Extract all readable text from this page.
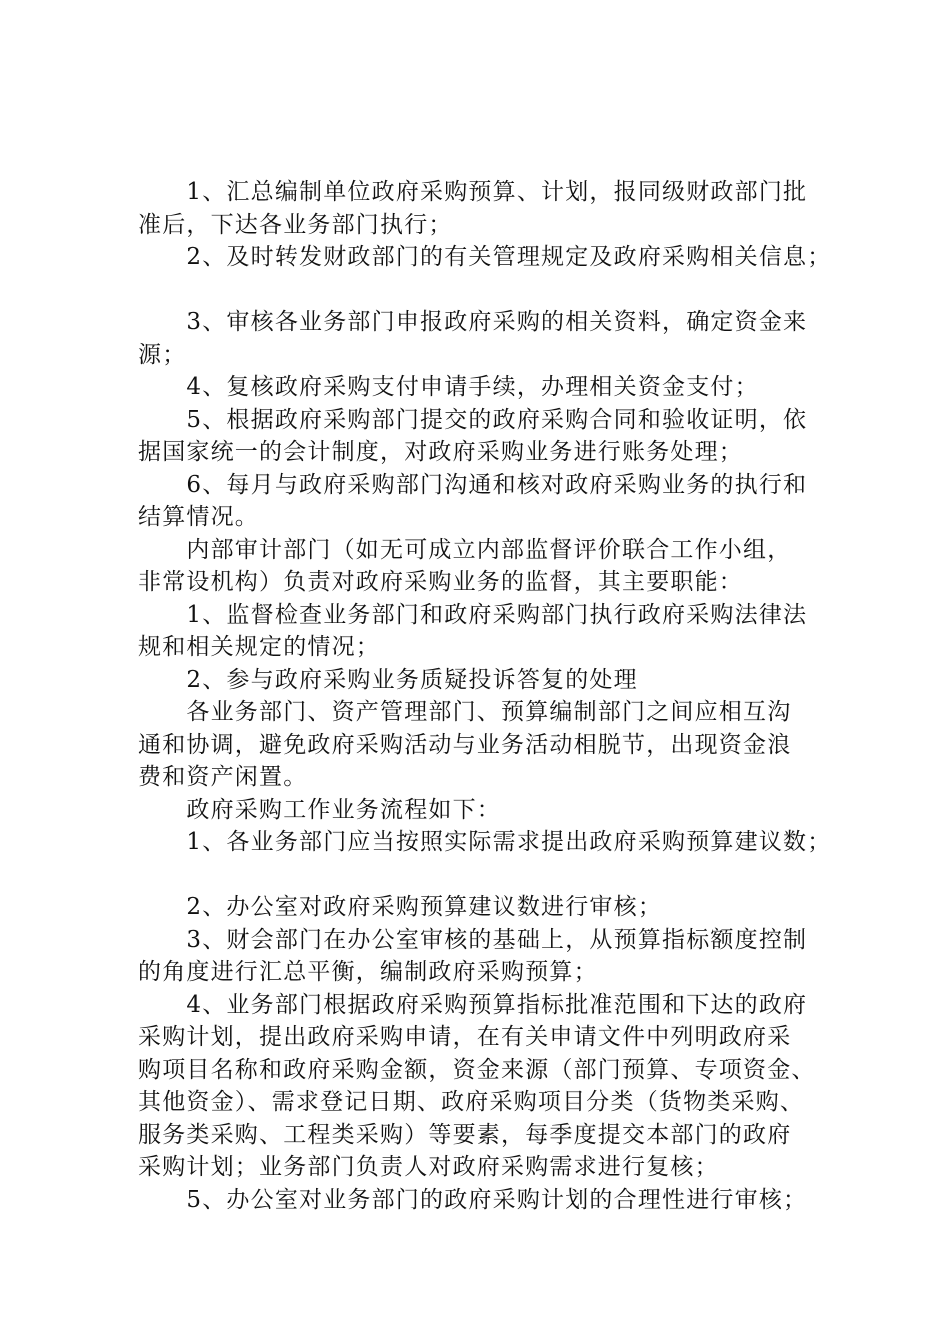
　　1、汇总编制单位政府采购预算、计划，报同级财政部门批

准后，下达各业务部门执行；

　　2、及时转发财政部门的有关管理规定及政府采购相关信息；

　　3、审核各业务部门申报政府采购的相关资料，确定资金来

源；

　　4、复核政府采购支付申请手续，办理相关资金支付；

　　5、根据政府采购部门提交的政府采购合同和验收证明，依

据国家统一的会计制度，对政府采购业务进行账务处理；

　　6、每月与政府采购部门沟通和核对政府采购业务的执行和

结算情况。

　　内部审计部门（如无可成立内部监督评价联合工作小组，

非常设机构）负责对政府采购业务的监督，其主要职能：

　　1、监督检查业务部门和政府采购部门执行政府采购法律法

规和相关规定的情况；

　　2、参与政府采购业务质疑投诉答复的处理

　　各业务部门、资产管理部门、预算编制部门之间应相互沟

通和协调，避免政府采购活动与业务活动相脱节，出现资金浪

费和资产闲置。

　　政府采购工作业务流程如下：

　　1、各业务部门应当按照实际需求提出政府采购预算建议数；

　　2、办公室对政府采购预算建议数进行审核；

　　3、财会部门在办公室审核的基础上，从预算指标额度控制

的角度进行汇总平衡，编制政府采购预算；

　　4、业务部门根据政府采购预算指标批准范围和下达的政府

采购计划，提出政府采购申请，在有关申请文件中列明政府采

购项目名称和政府采购金额，资金来源（部门预算、专项资金、

其他资金）、需求登记日期、政府采购项目分类（货物类采购、

服务类采购、工程类采购）等要素，每季度提交本部门的政府

采购计划；业务部门负责人对政府采购需求进行复核；

　　5、办公室对业务部门的政府采购计划的合理性进行审核；
